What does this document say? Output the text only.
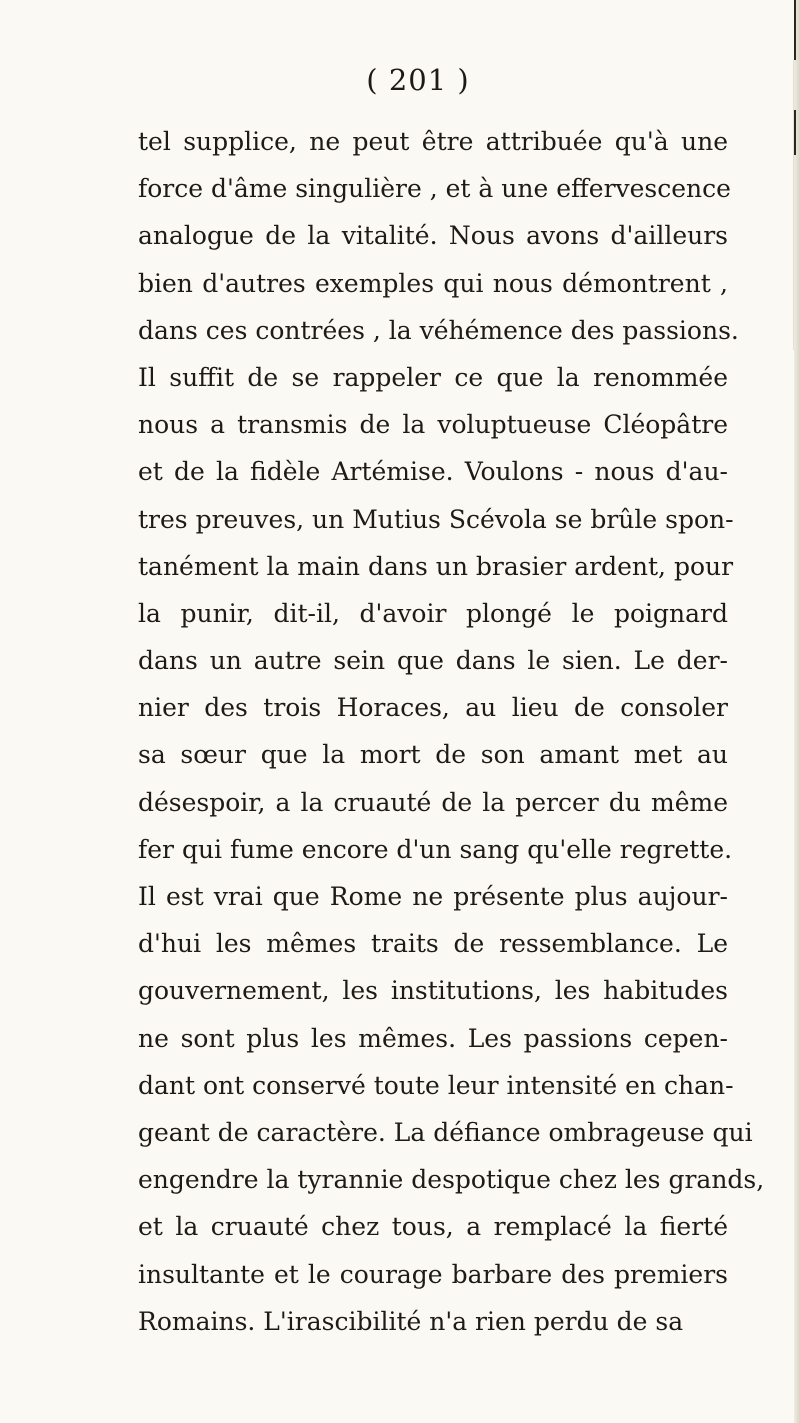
( 201 )
tel supplice, ne peut être attribuée qu'à une
force d'âme singulière , et à une effervescence
analogue de la vitalité. Nous avons d'ailleurs
bien d'autres exemples qui nous démontrent ,
dans ces contrées , la véhémence des passions.
Il suffit de se rappeler ce que la renommée
nous a transmis de la voluptueuse Cléopâtre
et de la fidèle Artémise. Voulons - nous d'au-
tres preuves, un Mutius Scévola se brûle spon-
tanément la main dans un brasier ardent, pour
la punir, dit-il, d'avoir plongé le poignard
dans un autre sein que dans le sien. Le der-
nier des trois Horaces, au lieu de consoler
sa sœur que la mort de son amant met au
désespoir, a la cruauté de la percer du même
fer qui fume encore d'un sang qu'elle regrette.
Il est vrai que Rome ne présente plus aujour-
d'hui les mêmes traits de ressemblance. Le
gouvernement, les institutions, les habitudes
ne sont plus les mêmes. Les passions cepen-
dant ont conservé toute leur intensité en chan-
geant de caractère. La défiance ombrageuse qui
engendre la tyrannie despotique chez les grands,
et la cruauté chez tous, a remplacé la fierté
insultante et le courage barbare des premiers
Romains. L'irascibilité n'a rien perdu de sa
